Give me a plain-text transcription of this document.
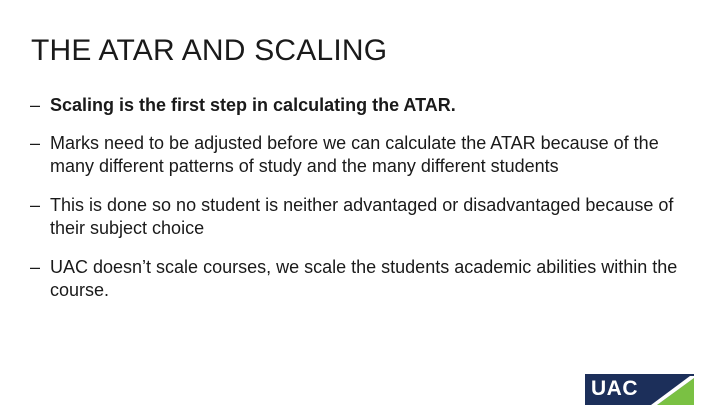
THE ATAR AND SCALING
– Scaling is the first step in calculating the ATAR.
– Marks need to be adjusted before we can calculate the ATAR because of the many different patterns of study and the many different students
– This is done so no student is neither advantaged or disadvantaged because of their subject choice
– UAC doesn’t scale courses, we scale the students academic abilities within the course.
UAC
